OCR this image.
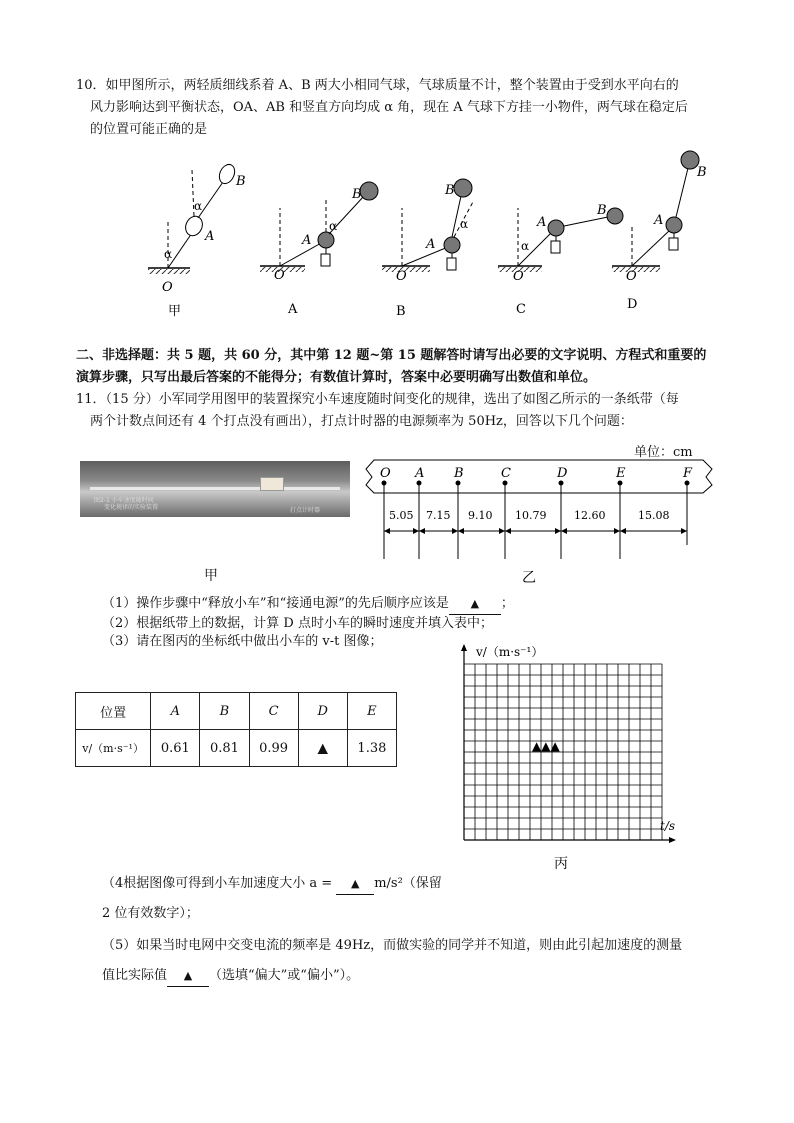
10．如甲图所示，两轻质细线系着 A、B 两大小相同气球，气球质量不计，整个装置由于受到水平向右的
风力影响达到平衡状态，OA、AB 和竖直方向均成 α 角，现在 A 气球下方挂一小物件，两气球在稳定后
的位置可能正确的是
α
α
A
B
O
甲
α
A
B
O
A
α
A
B
O
B
α
A
B
O
C
A
B
O
D
二、非选择题：共 5 题，共 60 分，其中第 12 题~第 15 题解答时请写出必要的文字说明、方程式和重要的
演算步骤，只写出最后答案的不能得分；有数值计算时，答案中必要明确写出数值和单位。
11．（15 分）小军同学用图甲的装置探究小车速度随时间变化的规律，选出了如图乙所示的一条纸带（每
两个计数点间还有 4 个打点没有画出），打点计时器的电源频率为 50Hz，回答以下几个问题：
图2-1 小车速度随时间
变化规律的实验装置	打点计时器
甲
单位：cm
O A B	C	D	E	F
5.05 7.15 9.10 10.79	12.60	15.08
乙
（1）操作步骤中“释放小车”和“接通电源”的先后顺序应该是 ▲ ；
（2）根据纸带上的数据，计算 D 点时小车的瞬时速度并填入表中；
（3）请在图丙的坐标纸中做出小车的 v-t 图像；
位置	A	B	C	D	E
v/（m·s⁻¹）	0.61	0.81	0.99	▲	1.38
v/（m·s⁻¹）
t/s
▲▲▲
丙
（4根据图像可得到小车加速度大小 a = ▲ m/s²（保留
2 位有效数字）；
（5）如果当时电网中交变电流的频率是 49Hz，而做实验的同学并不知道，则由此引起加速度的测量
值比实际值 ▲ （选填“偏大”或“偏小”）。
